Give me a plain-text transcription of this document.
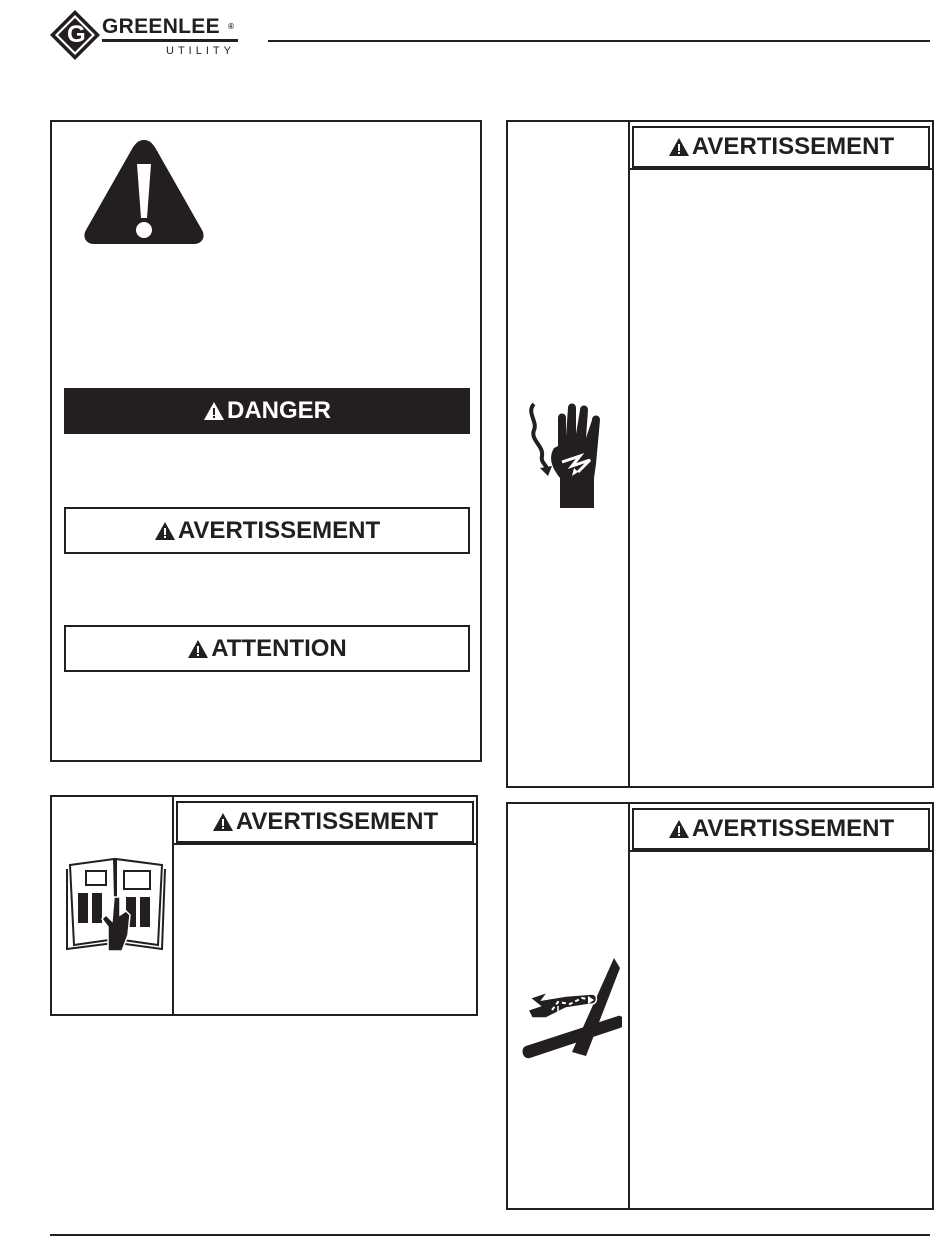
G GREENLEE ®
UTILITY
DANGER
AVERTISSEMENT
ATTENTION
AVERTISSEMENT
AVERTISSEMENT
AVERTISSEMENT
